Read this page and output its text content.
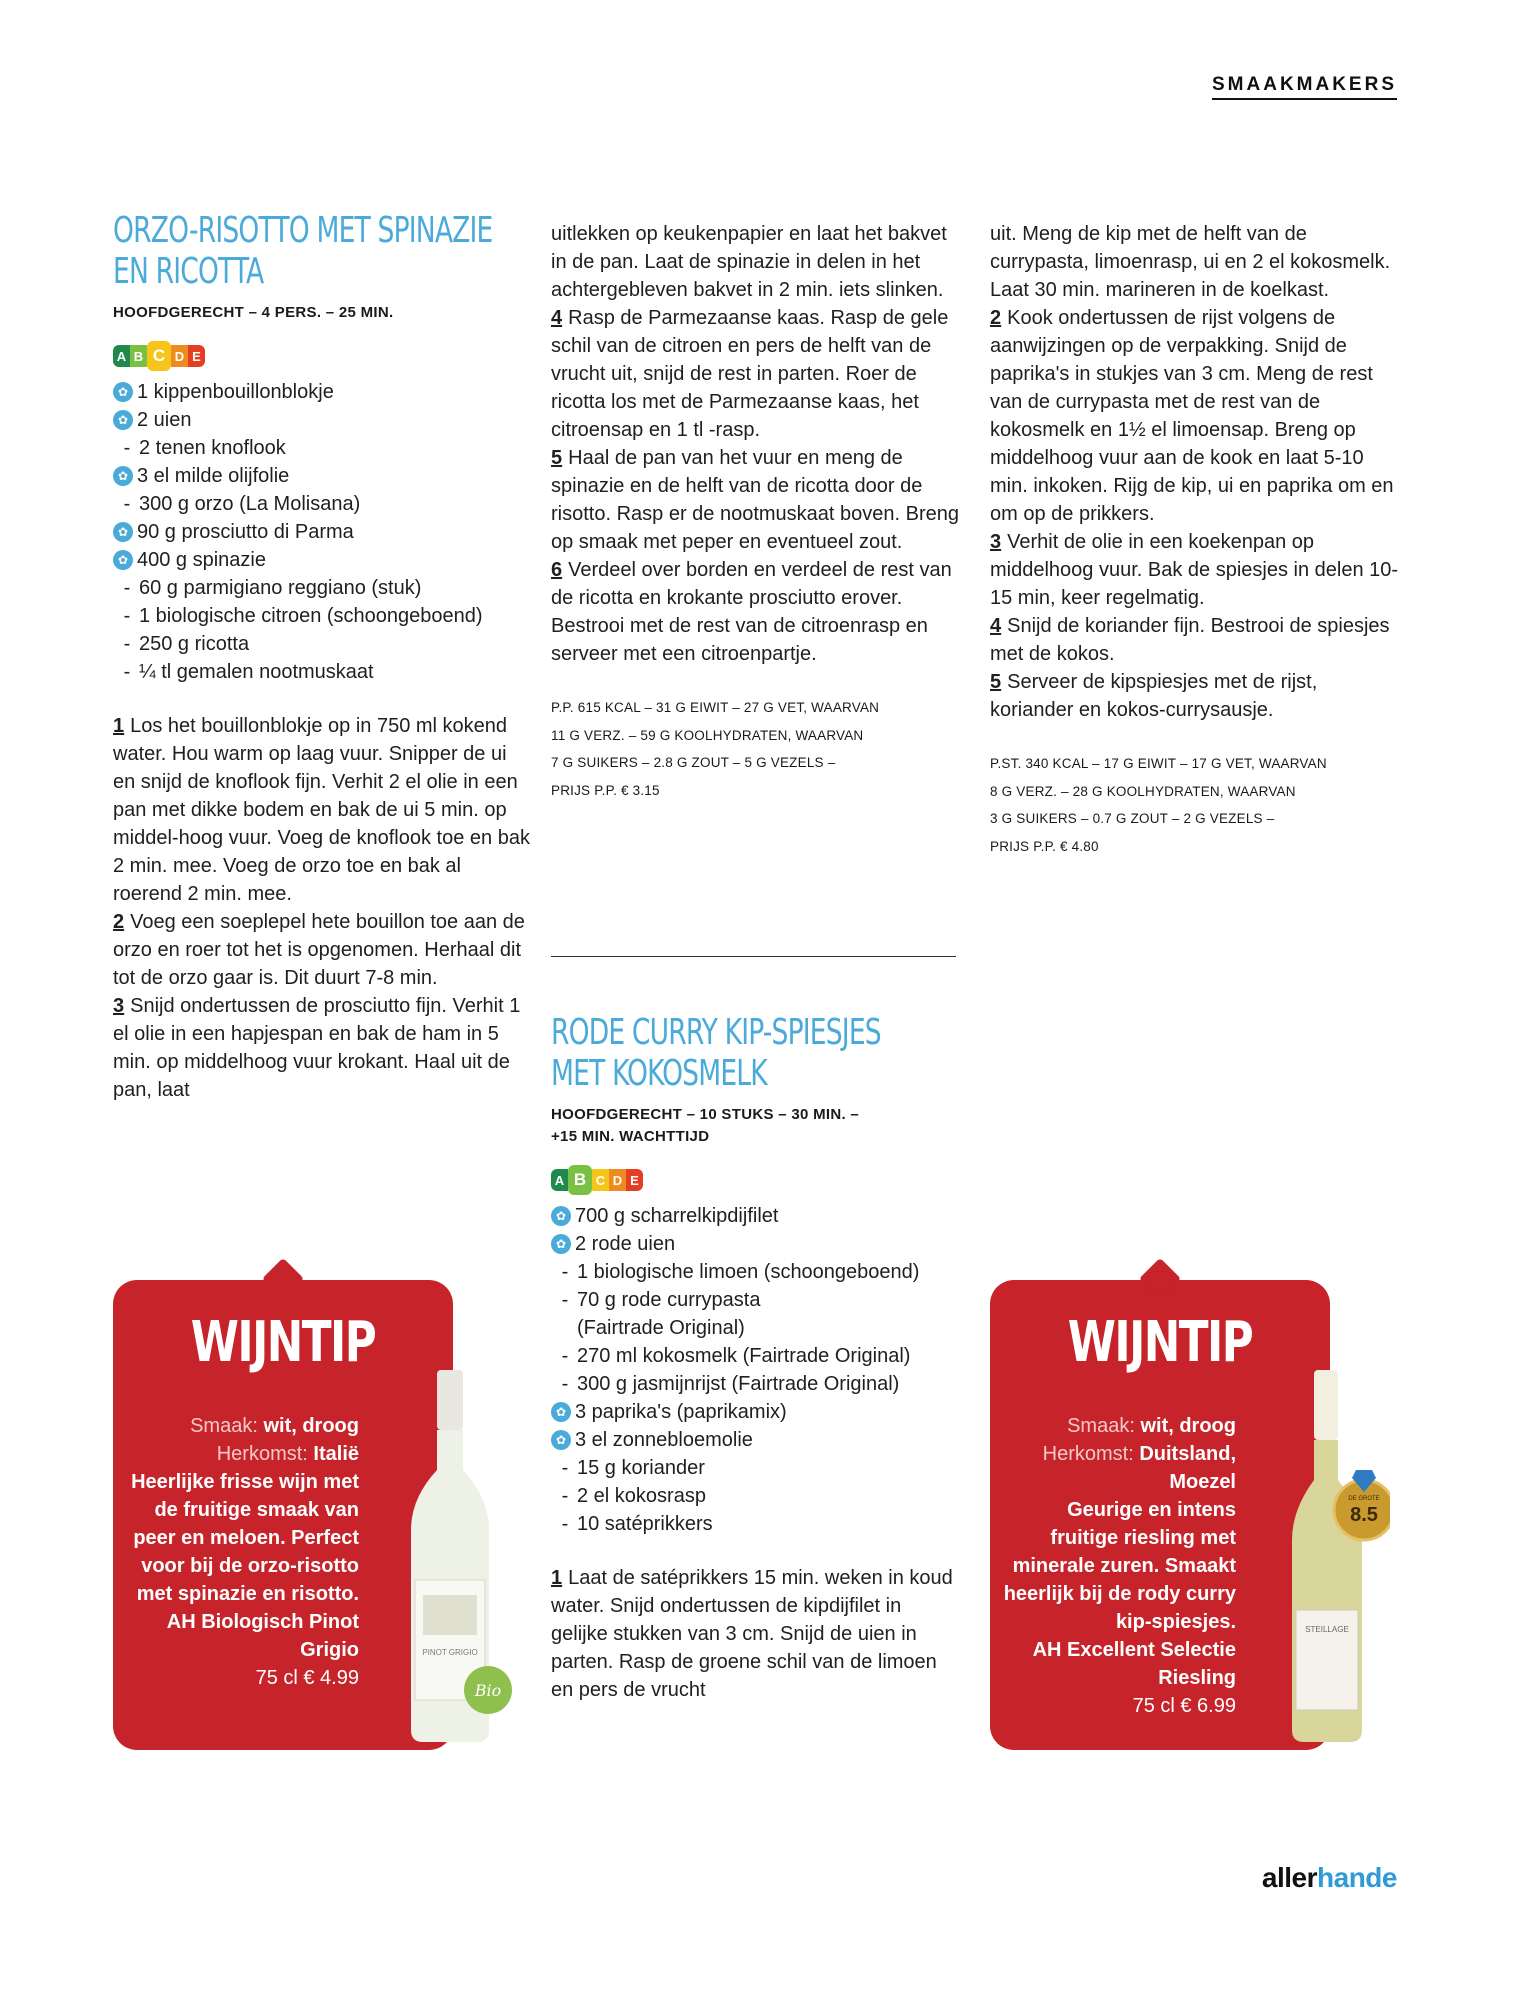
SMAAKMAKERS
ORZO-RISOTTO MET SPINAZIE
EN RICOTTA
HOOFDGERECHT – 4 PERS. – 25 MIN.
A B C D E
✿ 1 kippenbouillonblokje
✿ 2 uien
- 2 tenen knoflook
✿ 3 el milde olijfolie
- 300 g orzo (La Molisana)
✿ 90 g prosciutto di Parma
✿ 400 g spinazie
- 60 g parmigiano reggiano (stuk)
- 1 biologische citroen (schoongeboend)
- 250 g ricotta
- ¼ tl gemalen nootmuskaat

1 Los het bouillonblokje op in 750 ml kokend water. Hou warm op laag vuur. Snipper de ui en snijd de knoflook fijn. Verhit 2 el olie in een pan met dikke bodem en bak de ui 5 min. op middel-hoog vuur. Voeg de knoflook toe en bak 2 min. mee. Voeg de orzo toe en bak al roerend 2 min. mee.

2 Voeg een soeplepel hete bouillon toe aan de orzo en roer tot het is opgenomen. Herhaal dit tot de orzo gaar is. Dit duurt 7-8 min.

3 Snijd ondertussen de prosciutto fijn. Verhit 1 el olie in een hapjespan en bak de ham in 5 min. op middelhoog vuur krokant. Haal uit de pan, laat

uitlekken op keukenpapier en laat het bakvet in de pan. Laat de spinazie in delen in het achtergebleven bakvet in 2 min. iets slinken.

4 Rasp de Parmezaanse kaas. Rasp de gele schil van de citroen en pers de helft van de vrucht uit, snijd de rest in parten. Roer de ricotta los met de Parmezaanse kaas, het citroensap en 1 tl -rasp.

5 Haal de pan van het vuur en meng de spinazie en de helft van de ricotta door de risotto. Rasp er de nootmuskaat boven. Breng op smaak met peper en eventueel zout.

6 Verdeel over borden en verdeel de rest van de ricotta en krokante prosciutto erover. Bestrooi met de rest van de citroenrasp en serveer met een citroenpartje.

P.P. 615 KCAL – 31 G EIWIT – 27 G VET, WAARVAN
11 G VERZ. – 59 G KOOLHYDRATEN, WAARVAN
7 G SUIKERS – 2.8 G ZOUT – 5 G VEZELS –
PRIJS P.P. € 3.15
RODE CURRY KIP-SPIESJES
MET KOKOSMELK
HOOFDGERECHT – 10 STUKS – 30 MIN. –
+15 MIN. WACHTTIJD
A B C D E
✿ 700 g scharrelkipdijfilet
✿ 2 rode uien
- 1 biologische limoen (schoongeboend)
- 70 g rode currypasta
(Fairtrade Original)
- 270 ml kokosmelk (Fairtrade Original)
- 300 g jasmijnrijst (Fairtrade Original)
✿ 3 paprika's (paprikamix)
✿ 3 el zonnebloemolie
- 15 g koriander
- 2 el kokosrasp
- 10 satéprikkers

1 Laat de satéprikkers 15 min. weken in koud water. Snijd ondertussen de kipdijfilet in gelijke stukken van 3 cm. Snijd de uien in parten. Rasp de groene schil van de limoen en pers de vrucht

uit. Meng de kip met de helft van de currypasta, limoenrasp, ui en 2 el kokosmelk. Laat 30 min. marineren in de koelkast.

2 Kook ondertussen de rijst volgens de aanwijzingen op de verpakking. Snijd de paprika's in stukjes van 3 cm. Meng de rest van de currypasta met de rest van de kokosmelk en 1½ el limoensap. Breng op middelhoog vuur aan de kook en laat 5-10 min. inkoken. Rijg de kip, ui en paprika om en om op de prikkers.

3 Verhit de olie in een koekenpan op middelhoog vuur. Bak de spiesjes in delen 10-15 min, keer regelmatig.

4 Snijd de koriander fijn. Bestrooi de spiesjes met de kokos.

5 Serveer de kipspiesjes met de rijst, koriander en kokos-currysausje.

P.ST. 340 KCAL – 17 G EIWIT – 17 G VET, WAARVAN
8 G VERZ. – 28 G KOOLHYDRATEN, WAARVAN
3 G SUIKERS – 0.7 G ZOUT – 2 G VEZELS –
PRIJS P.P. € 4.80
WIJNTIP
Smaak: wit, droog
Herkomst: Italië
Heerlijke frisse wijn met de fruitige smaak van peer en meloen. Perfect voor bij de orzo-risotto met spinazie en risotto.
AH Biologisch Pinot Grigio
75 cl € 4.99
PINOT GRIGIO
Bio
WIJNTIP
Smaak: wit, droog
Herkomst: Duitsland, Moezel
Geurige en intens fruitige riesling met minerale zuren. Smaakt heerlijk bij de rody curry kip-spiesjes.
AH Excellent Selectie Riesling
75 cl € 6.99
STEILLAGE
DE GROTE
8.5
allerhande
